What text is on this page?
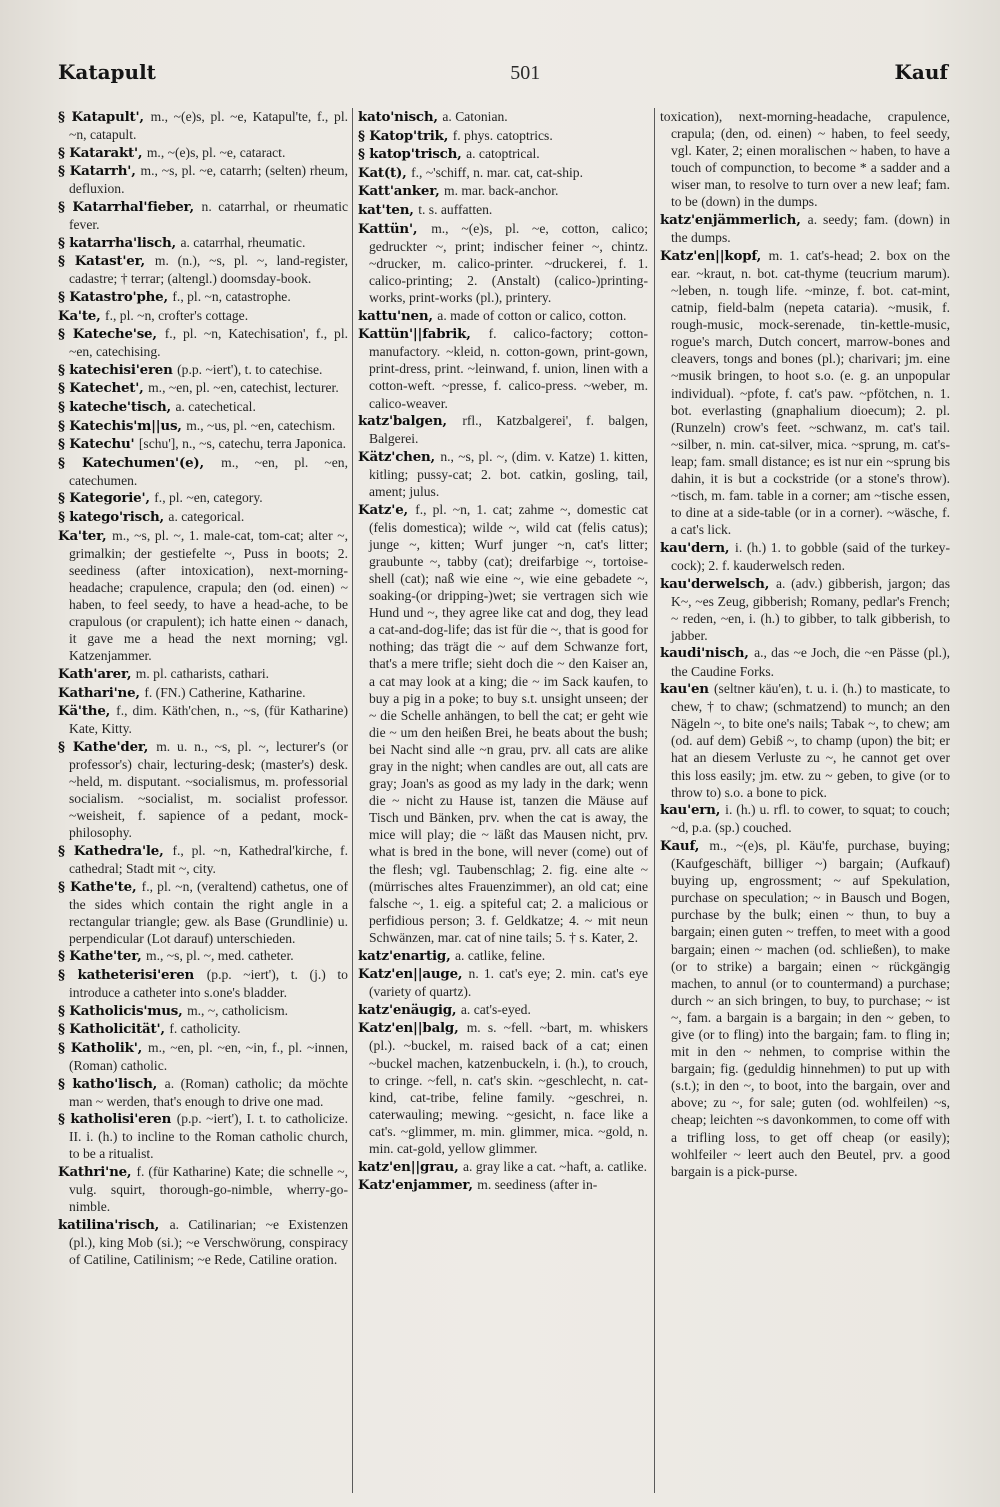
Katapult	501	Kauf

§ Katapult', m., ~(e)s, pl. ~e, Katapul'te, f., pl. ~n, catapult.

§ Katarakt', m., ~(e)s, pl. ~e, cataract.

§ Katarrh', m., ~s, pl. ~e, catarrh; (selten) rheum, defluxion.

§ Katarrhal'fieber, n. catarrhal, or rheumatic fever.

§ katarrha'lisch, a. catarrhal, rheumatic.

§ Katast'er, m. (n.), ~s, pl. ~, land-register, cadastre; † terrar; (altengl.) doomsday-book.

§ Katastro'phe, f., pl. ~n, catastrophe.

Ka'te, f., pl. ~n, crofter's cottage.

§ Kateche'se, f., pl. ~n, Katechisation', f., pl. ~en, catechising.

§ katechisi'eren (p.p. ~iert'), t. to catechise.

§ Katechet', m., ~en, pl. ~en, catechist, lecturer.

§ kateche'tisch, a. catechetical.

§ Katechis'm||us, m., ~us, pl. ~en, catechism.

§ Katechu' [schu'], n., ~s, catechu, terra Japonica.

§ Katechumen'(e), m., ~en, pl. ~en, catechumen.

§ Kategorie', f., pl. ~en, category.

§ katego'risch, a. categorical.

Ka'ter, m., ~s, pl. ~, 1. male-cat, tom-cat; alter ~, grimalkin; der gestiefelte ~, Puss in boots; 2. seediness (after intoxication), next-morning-headache; crapulence, crapula; den (od. einen) ~ haben, to feel seedy, to have a head-ache, to be crapulous (or crapulent); ich hatte einen ~ danach, it gave me a head the next morning; vgl. Katzenjammer.

Kath'arer, m. pl. catharists, cathari.

Kathari'ne, f. (FN.) Catherine, Katharine.

Kä'the, f., dim. Käth'chen, n., ~s, (für Katharine) Kate, Kitty.

§ Kathe'der, m. u. n., ~s, pl. ~, lecturer's (or professor's) chair, lecturing-desk; (master's) desk. ~held, m. disputant. ~socialismus, m. professorial socialism. ~socialist, m. socialist professor. ~weisheit, f. sapience of a pedant, mock-philosophy.

§ Kathedra'le, f., pl. ~n, Kathedral'kirche, f. cathedral; Stadt mit ~, city.

§ Kathe'te, f., pl. ~n, (veraltend) cathetus, one of the sides which contain the right angle in a rectangular triangle; gew. als Base (Grundlinie) u. perpendicular (Lot darauf) unterschieden.

§ Kathe'ter, m., ~s, pl. ~, med. catheter.

§ katheterisi'eren (p.p. ~iert'), t. (j.) to introduce a catheter into s.one's bladder.

§ Katholicis'mus, m., ~, catholicism.

§ Katholicität', f. catholicity.

§ Katholik', m., ~en, pl. ~en, ~in, f., pl. ~innen, (Roman) catholic.

§ katho'lisch, a. (Roman) catholic; da möchte man ~ werden, that's enough to drive one mad.

§ katholisi'eren (p.p. ~iert'), I. t. to catholicize. II. i. (h.) to incline to the Roman catholic church, to be a ritualist.

Kathri'ne, f. (für Katharine) Kate; die schnelle ~, vulg. squirt, thorough-go-nimble, wherry-go-nimble.

katilina'risch, a. Catilinarian; ~e Existenzen (pl.), king Mob (si.); ~e Verschwörung, conspiracy of Catiline, Catilinism; ~e Rede, Catiline oration.

kato'nisch, a. Catonian.

§ Katop'trik, f. phys. catoptrics.

§ katop'trisch, a. catoptrical.

Kat(t), f., ~'schiff, n. mar. cat, cat-ship.

Katt'anker, m. mar. back-anchor.

kat'ten, t. s. auffatten.

Kattün', m., ~(e)s, pl. ~e, cotton, calico; gedruckter ~, print; indischer feiner ~, chintz. ~drucker, m. calico-printer. ~druckerei, f. 1. calico-printing; 2. (Anstalt) (calico-)printing-works, print-works (pl.), printery.

kattu'nen, a. made of cotton or calico, cotton.

Kattün'||fabrik, f. calico-factory; cotton-manufactory. ~kleid, n. cotton-gown, print-gown, print-dress, print. ~leinwand, f. union, linen with a cotton-weft. ~presse, f. calico-press. ~weber, m. calico-weaver.

katz'balgen, rfl., Katzbalgerei', f. balgen, Balgerei.

Kätz'chen, n., ~s, pl. ~, (dim. v. Katze) 1. kitten, kitling; pussy-cat; 2. bot. catkin, gosling, tail, ament; julus.

Katz'e, f., pl. ~n, 1. cat; zahme ~, domestic cat (felis domestica); wilde ~, wild cat (felis catus); junge ~, kitten; Wurf junger ~n, cat's litter; graubunte ~, tabby (cat); dreifarbige ~, tortoise-shell (cat); naß wie eine ~, wie eine gebadete ~, soaking-(or dripping-)wet; sie vertragen sich wie Hund und ~, they agree like cat and dog, they lead a cat-and-dog-life; das ist für die ~, that is good for nothing; das trägt die ~ auf dem Schwanze fort, that's a mere trifle; sieht doch die ~ den Kaiser an, a cat may look at a king; die ~ im Sack kaufen, to buy a pig in a poke; to buy s.t. unsight unseen; der ~ die Schelle anhängen, to bell the cat; er geht wie die ~ um den heißen Brei, he beats about the bush; bei Nacht sind alle ~n grau, prv. all cats are alike gray in the night; when candles are out, all cats are gray; Joan's as good as my lady in the dark; wenn die ~ nicht zu Hause ist, tanzen die Mäuse auf Tisch und Bänken, prv. when the cat is away, the mice will play; die ~ läßt das Mausen nicht, prv. what is bred in the bone, will never (come) out of the flesh; vgl. Taubenschlag; 2. fig. eine alte ~ (mürrisches altes Frauenzimmer), an old cat; eine falsche ~, 1. eig. a spiteful cat; 2. a malicious or perfidious person; 3. f. Geldkatze; 4. ~ mit neun Schwänzen, mar. cat of nine tails; 5. † s. Kater, 2.

katz'enartig, a. catlike, feline.

Katz'en||auge, n. 1. cat's eye; 2. min. cat's eye (variety of quartz).

katz'enäugig, a. cat's-eyed.

Katz'en||balg, m. s. ~fell. ~bart, m. whiskers (pl.). ~buckel, m. raised back of a cat; einen ~buckel machen, katzenbuckeln, i. (h.), to crouch, to cringe. ~fell, n. cat's skin. ~geschlecht, n. cat-kind, cat-tribe, feline family. ~geschrei, n. caterwauling; mewing. ~gesicht, n. face like a cat's. ~glimmer, m. min. glimmer, mica. ~gold, n. min. cat-gold, yellow glimmer.

katz'en||grau, a. gray like a cat. ~haft, a. catlike.

Katz'enjammer, m. seediness (after in-

toxication), next-morning-headache, crapulence, crapula; (den, od. einen) ~ haben, to feel seedy, vgl. Kater, 2; einen moralischen ~ haben, to have a touch of compunction, to become * a sadder and a wiser man, to resolve to turn over a new leaf; fam. to be (down) in the dumps.

katz'enjämmerlich, a. seedy; fam. (down) in the dumps.

Katz'en||kopf, m. 1. cat's-head; 2. box on the ear. ~kraut, n. bot. cat-thyme (teucrium marum). ~leben, n. tough life. ~minze, f. bot. cat-mint, catnip, field-balm (nepeta cataria). ~musik, f. rough-music, mock-serenade, tin-kettle-music, rogue's march, Dutch concert, marrow-bones and cleavers, tongs and bones (pl.); charivari; jm. eine ~musik bringen, to hoot s.o. (e. g. an unpopular individual). ~pfote, f. cat's paw. ~pfötchen, n. 1. bot. everlasting (gnaphalium dioecum); 2. pl. (Runzeln) crow's feet. ~schwanz, m. cat's tail. ~silber, n. min. cat-silver, mica. ~sprung, m. cat's-leap; fam. small distance; es ist nur ein ~sprung bis dahin, it is but a cockstride (or a stone's throw). ~tisch, m. fam. table in a corner; am ~tische essen, to dine at a side-table (or in a corner). ~wäsche, f. a cat's lick.

kau'dern, i. (h.) 1. to gobble (said of the turkey-cock); 2. f. kauderwelsch reden.

kau'derwelsch, a. (adv.) gibberish, jargon; das K~, ~es Zeug, gibberish; Romany, pedlar's French; ~ reden, ~en, i. (h.) to gibber, to talk gibberish, to jabber.

kaudi'nisch, a., das ~e Joch, die ~en Pässe (pl.), the Caudine Forks.

kau'en (seltner käu'en), t. u. i. (h.) to masticate, to chew, † to chaw; (schmatzend) to munch; an den Nägeln ~, to bite one's nails; Tabak ~, to chew; am (od. auf dem) Gebiß ~, to champ (upon) the bit; er hat an diesem Verluste zu ~, he cannot get over this loss easily; jm. etw. zu ~ geben, to give (or to throw to) s.o. a bone to pick.

kau'ern, i. (h.) u. rfl. to cower, to squat; to couch; ~d, p.a. (sp.) couched.

Kauf, m., ~(e)s, pl. Käu'fe, purchase, buying; (Kaufgeschäft, billiger ~) bargain; (Aufkauf) buying up, engrossment; ~ auf Spekulation, purchase on speculation; ~ in Bausch und Bogen, purchase by the bulk; einen ~ thun, to buy a bargain; einen guten ~ treffen, to meet with a good bargain; einen ~ machen (od. schließen), to make (or to strike) a bargain; einen ~ rückgängig machen, to annul (or to countermand) a purchase; durch ~ an sich bringen, to buy, to purchase; ~ ist ~, fam. a bargain is a bargain; in den ~ geben, to give (or to fling) into the bargain; fam. to fling in; mit in den ~ nehmen, to comprise within the bargain; fig. (geduldig hinnehmen) to put up with (s.t.); in den ~, to boot, into the bargain, over and above; zu ~, for sale; guten (od. wohlfeilen) ~s, cheap; leichten ~s davonkommen, to come off with a trifling loss, to get off cheap (or easily); wohlfeiler ~ leert auch den Beutel, prv. a good bargain is a pick-purse.
